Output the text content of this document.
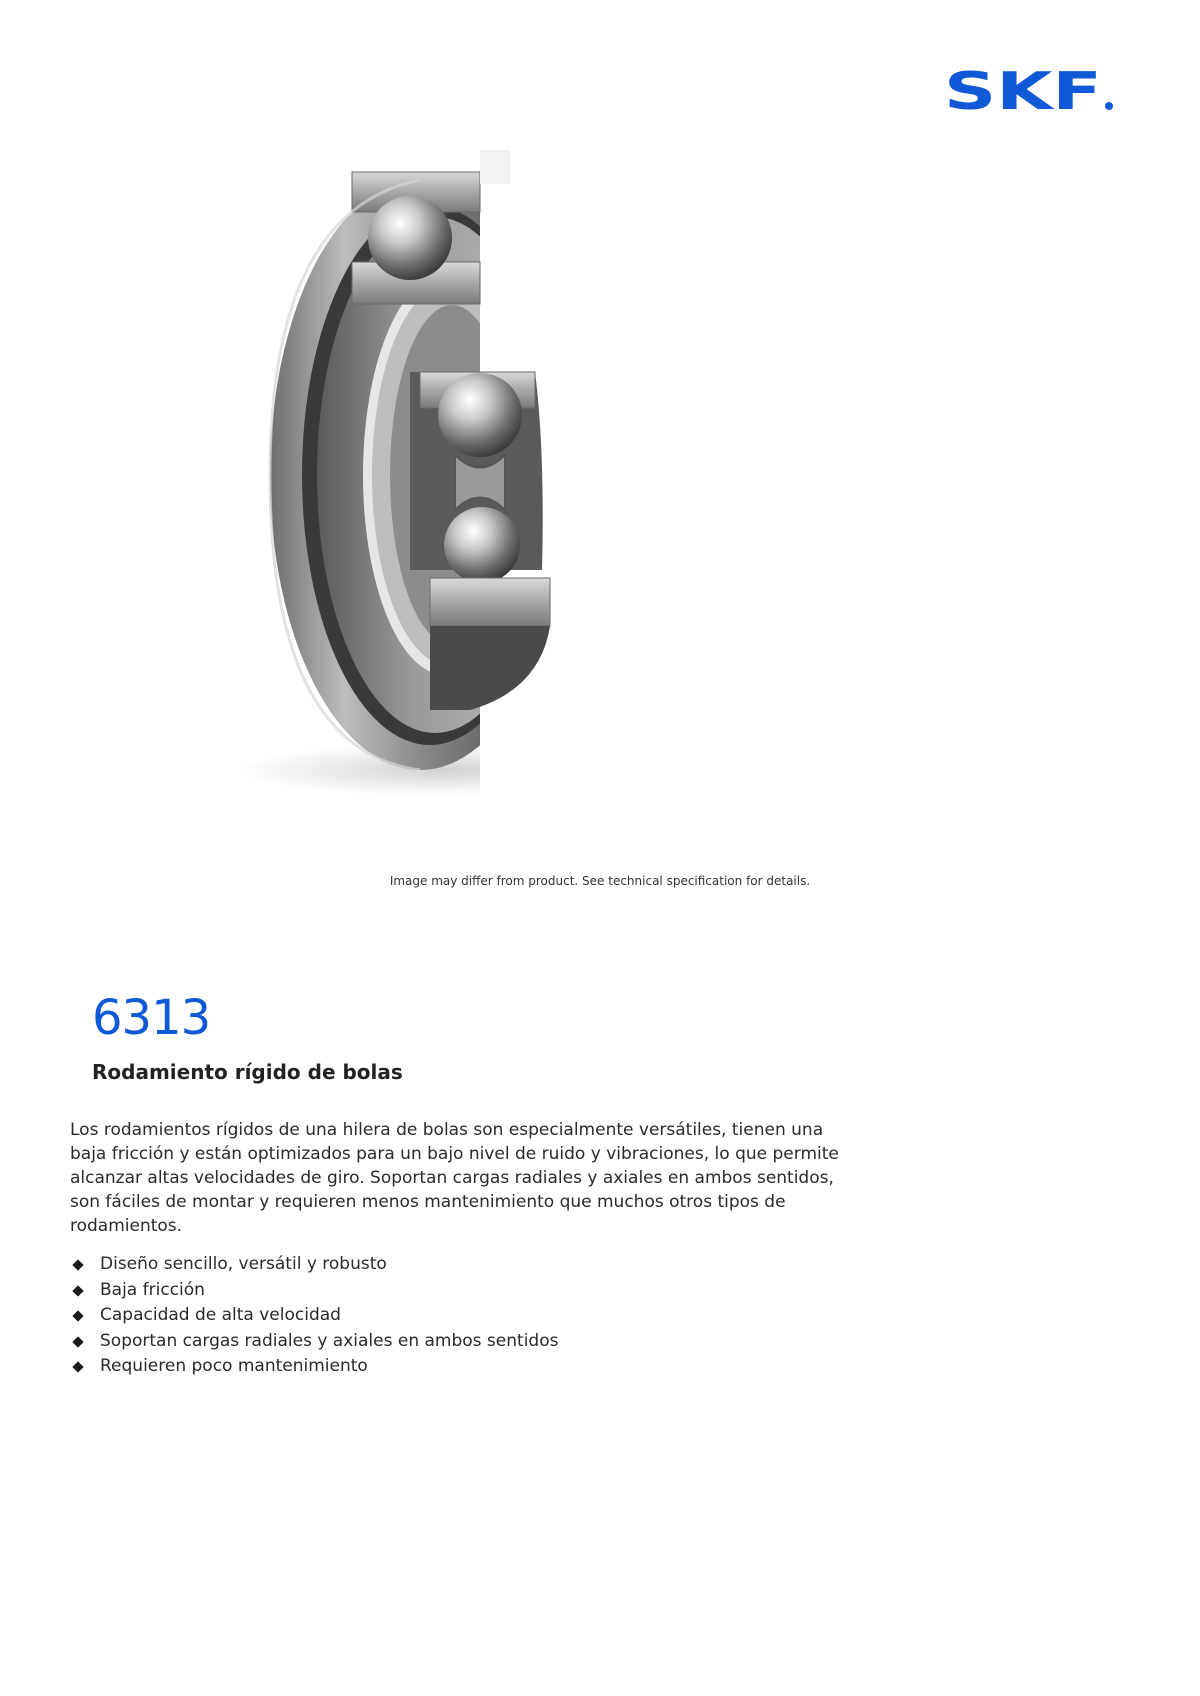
SKF
Image may differ from product. See technical specification for details.
6313
Rodamiento rígido de bolas

Los rodamientos rígidos de una hilera de bolas son especialmente versátiles, tienen una baja fricción y están optimizados para un bajo nivel de ruido y vibraciones, lo que permite alcanzar altas velocidades de giro. Soportan cargas radiales y axiales en ambos sentidos, son fáciles de montar y requieren menos mantenimiento que muchos otros tipos de rodamientos.

Diseño sencillo, versátil y robusto
Baja fricción
Capacidad de alta velocidad
Soportan cargas radiales y axiales en ambos sentidos
Requieren poco mantenimiento
